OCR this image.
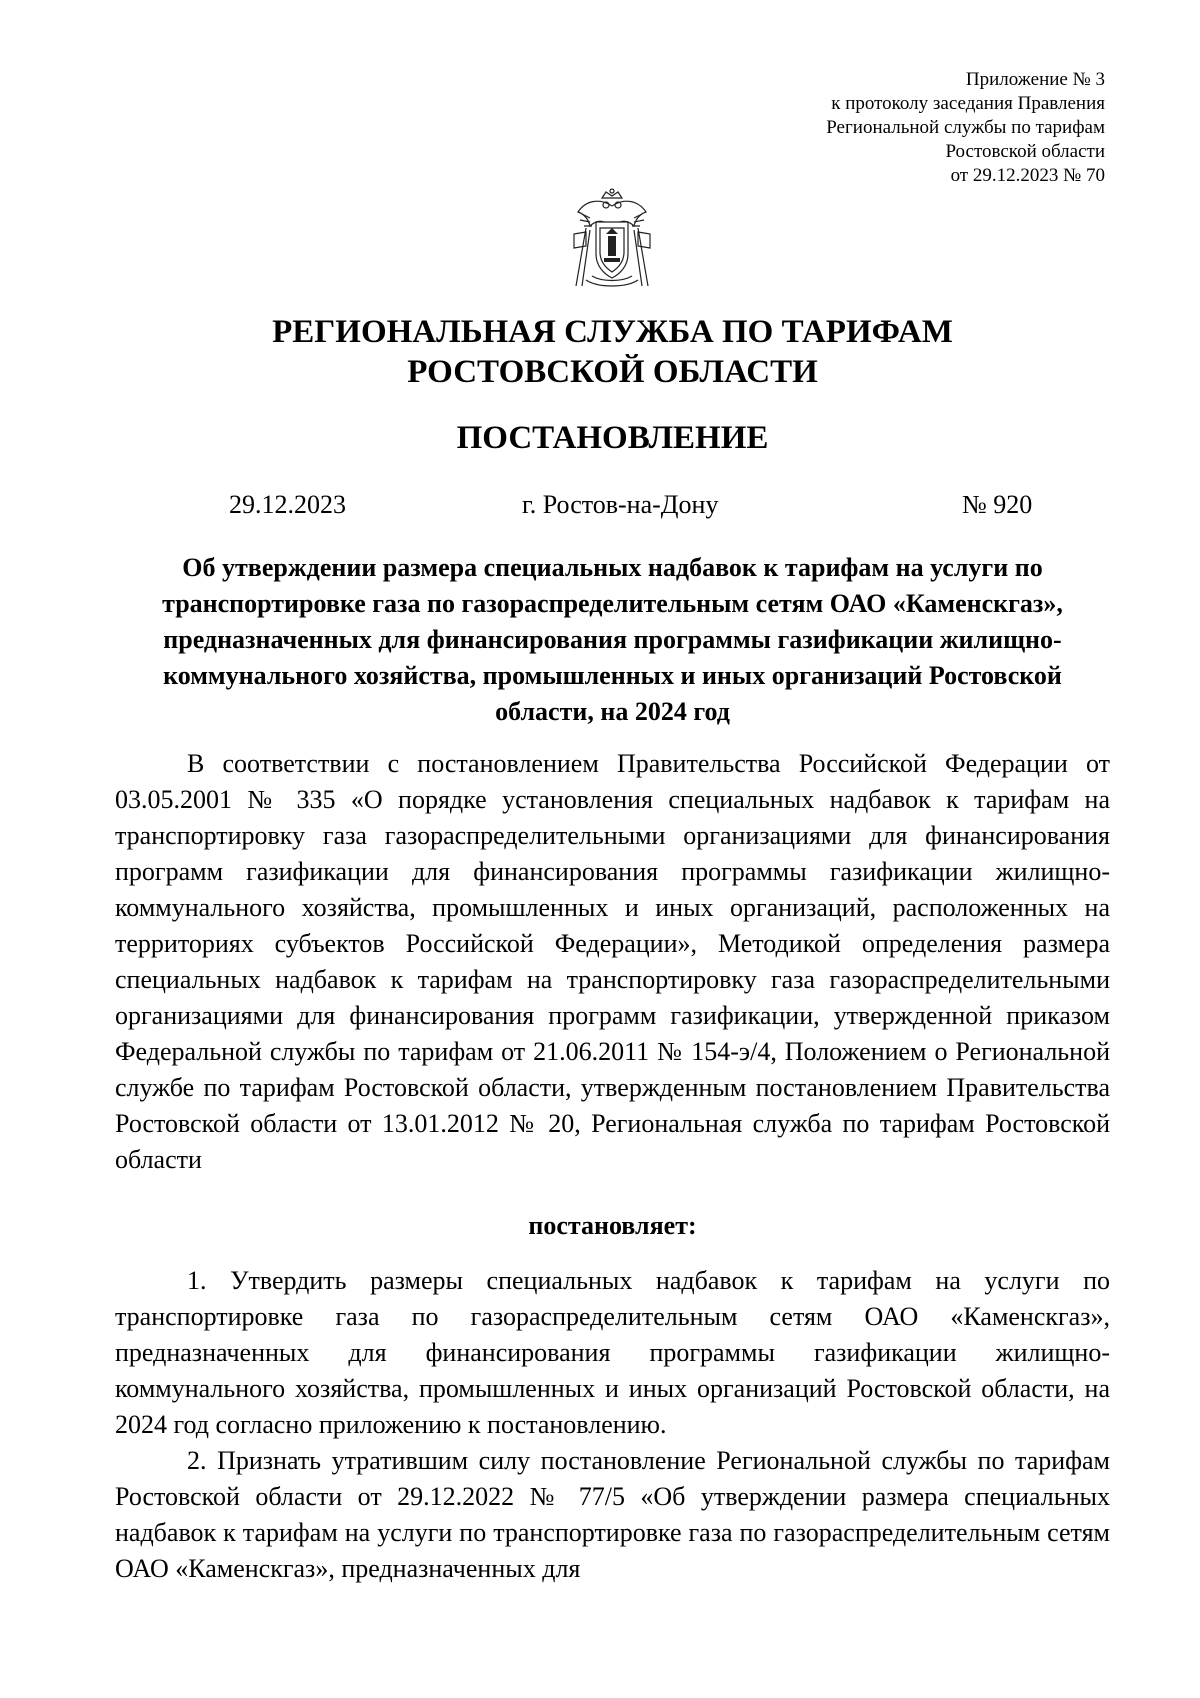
Приложение № 3
к протоколу заседания Правления
Региональной службы по тарифам
Ростовской области
от 29.12.2023 № 70
РЕГИОНАЛЬНАЯ СЛУЖБА ПО ТАРИФАМ
РОСТОВСКОЙ ОБЛАСТИ
ПОСТАНОВЛЕНИЕ
29.12.2023	г. Ростов-на-Дону	№ 920
Об утверждении размера специальных надбавок к тарифам на услуги по транспортировке газа по газораспределительным сетям ОАО «Каменскгаз», предназначенных для финансирования программы газификации жилищно-коммунального хозяйства, промышленных и иных организаций Ростовской области, на 2024 год

В соответствии с постановлением Правительства Российской Федерации от 03.05.2001 № 335 «О порядке установления специальных надбавок к тарифам на транспортировку газа газораспределительными организациями для финансирования программ газификации для финансирования программы газификации жилищно-коммунального хозяйства, промышленных и иных организаций, расположенных на территориях субъектов Российской Федерации», Методикой определения размера специальных надбавок к тарифам на транспортировку газа газораспределительными организациями для финансирования программ газификации, утвержденной приказом Федеральной службы по тарифам от 21.06.2011 № 154-э/4, Положением о Региональной службе по тарифам Ростовской области, утвержденным постановлением Правительства Ростовской области от 13.01.2012 № 20, Региональная служба по тарифам Ростовской области

постановляет:

1. Утвердить размеры специальных надбавок к тарифам на услуги по транспортировке газа по газораспределительным сетям ОАО «Каменскгаз», предназначенных для финансирования программы газификации жилищно-коммунального хозяйства, промышленных и иных организаций Ростовской области, на 2024 год согласно приложению к постановлению.

2. Признать утратившим силу постановление Региональной службы по тарифам Ростовской области от 29.12.2022 № 77/5 «Об утверждении размера специальных надбавок к тарифам на услуги по транспортировке газа по газораспределительным сетям ОАО «Каменскгаз», предназначенных для
